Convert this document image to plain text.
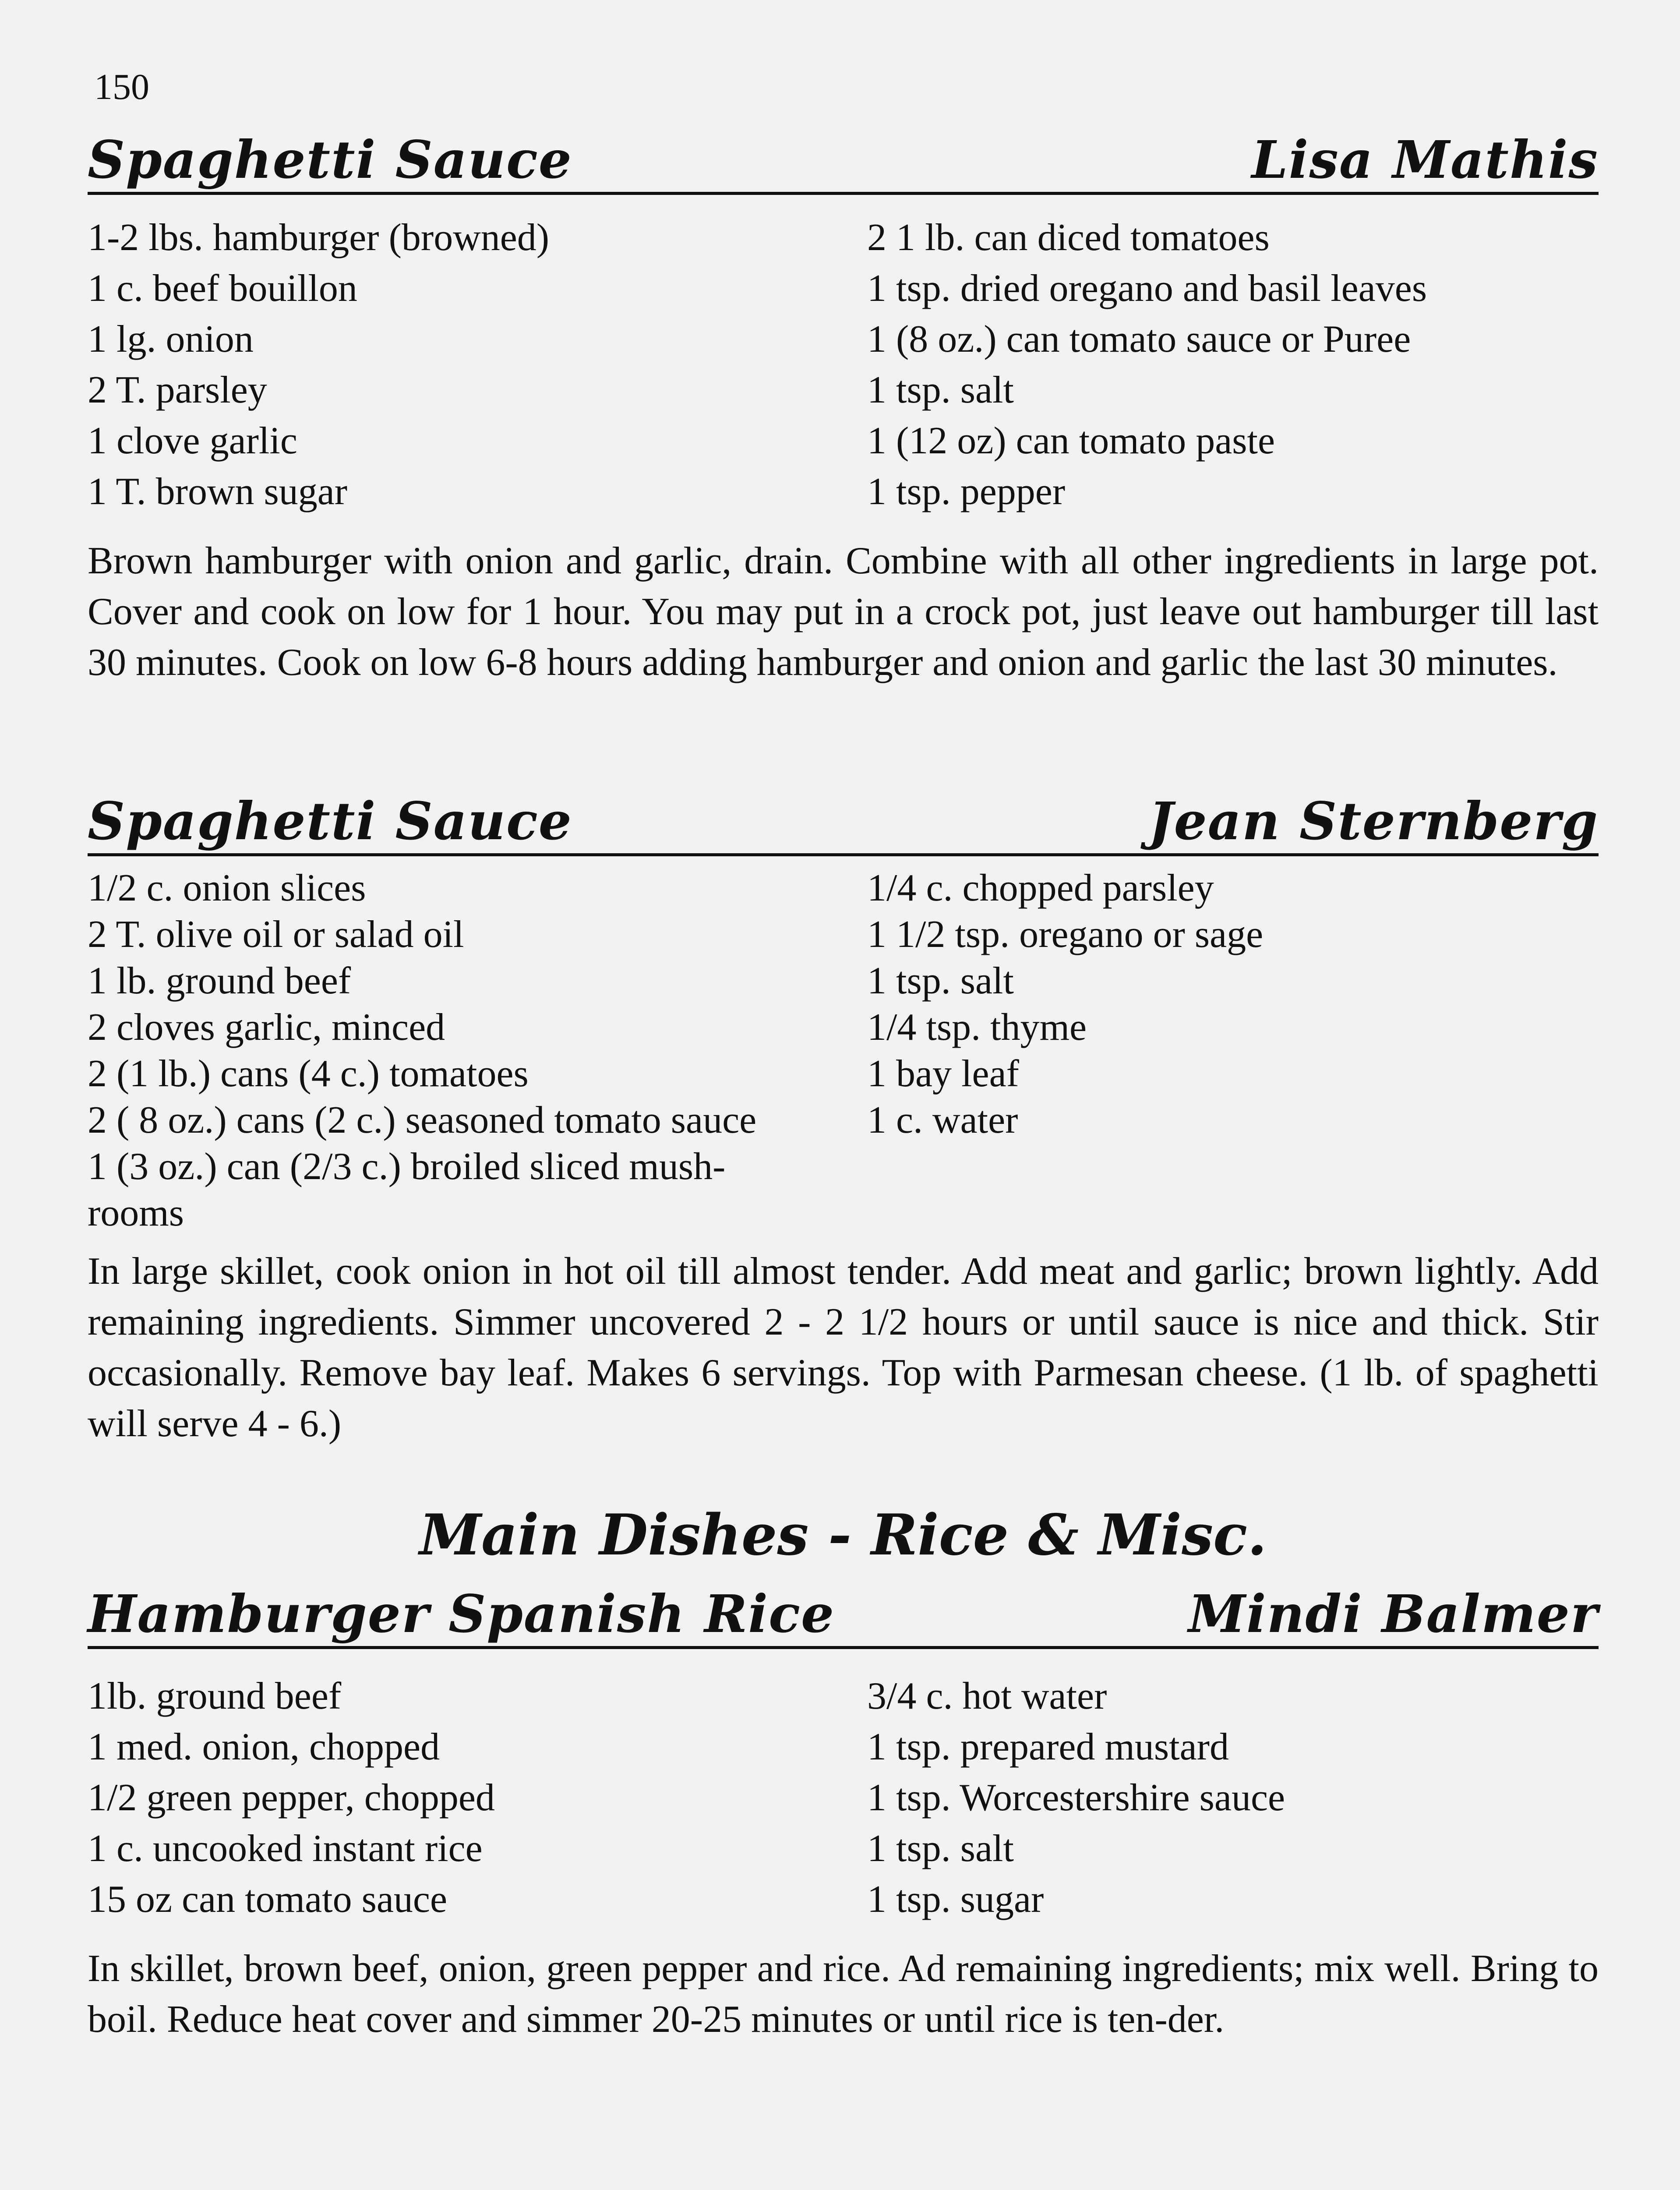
150
Spaghetti Sauce	Lisa Mathis
1-2 lbs. hamburger (browned)
1 c. beef bouillon
1 lg. onion
2 T. parsley
1 clove garlic
1 T. brown sugar
2 1 lb. can diced tomatoes
1 tsp. dried oregano and basil leaves
1 (8 oz.) can tomato sauce or Puree
1 tsp. salt
1 (12 oz) can tomato paste
1 tsp. pepper
Brown hamburger with onion and garlic, drain. Combine with all other ingredients in large pot. Cover and cook on low for 1 hour. You may put in a crock pot, just leave out hamburger till last 30 minutes. Cook on low 6-8 hours adding hamburger and onion and garlic the last 30 minutes.
Spaghetti Sauce	Jean Sternberg
1/2 c. onion slices
2 T. olive oil or salad oil
1 lb. ground beef
2 cloves garlic, minced
2 (1 lb.) cans (4 c.) tomatoes
2 ( 8 oz.) cans (2 c.) seasoned tomato sauce
1 (3 oz.) can (2/3 c.) broiled sliced mush-rooms
1/4 c. chopped parsley
1 1/2 tsp. oregano or sage
1 tsp. salt
1/4 tsp. thyme
1 bay leaf
1 c. water
In large skillet, cook onion in hot oil till almost tender. Add meat and garlic; brown lightly. Add remaining ingredients. Simmer uncovered 2 - 2 1/2 hours or until sauce is nice and thick. Stir occasionally. Remove bay leaf. Makes 6 servings. Top with Parmesan cheese. (1 lb. of spaghetti will serve 4 - 6.)
Main Dishes - Rice & Misc.
Hamburger Spanish Rice	Mindi Balmer
1lb. ground beef
1 med. onion, chopped
1/2 green pepper, chopped
1 c. uncooked instant rice
15 oz can tomato sauce
3/4 c. hot water
1 tsp. prepared mustard
1 tsp. Worcestershire sauce
1 tsp. salt
1 tsp. sugar
In skillet, brown beef, onion, green pepper and rice. Ad remaining ingredients; mix well. Bring to boil. Reduce heat cover and simmer 20-25 minutes or until rice is ten-der.
